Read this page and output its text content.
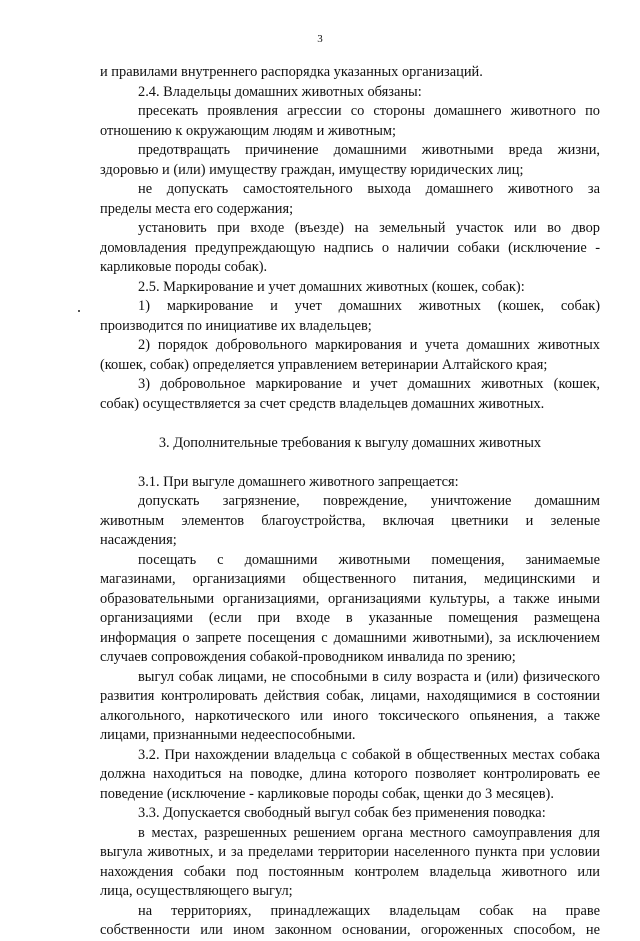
3
и правилами внутреннего распорядка указанных организаций.
2.4. Владельцы домашних животных обязаны:
пресекать проявления агрессии со стороны домашнего животного по
отношению к окружающим людям и животным;
предотвращать причинение домашними животными вреда жизни,
здоровью и (или) имуществу граждан, имуществу юридических лиц;
не допускать самостоятельного выхода домашнего животного за
пределы места его содержания;
установить при входе (въезде) на земельный участок или во двор
домовладения предупреждающую надпись о наличии собаки (исключение -
карликовые породы собак).
2.5. Маркирование и учет домашних животных (кошек, собак):
1) маркирование и учет домашних животных (кошек, собак)
производится по инициативе их владельцев;
2) порядок добровольного маркирования и учета домашних животных
(кошек, собак) определяется управлением ветеринарии Алтайского края;
3) добровольное маркирование и учет домашних животных (кошек,
собак) осуществляется за счет средств владельцев домашних животных.
3. Дополнительные требования к выгулу домашних животных
3.1. При выгуле домашнего животного запрещается:
допускать загрязнение, повреждение, уничтожение домашним
животным элементов благоустройства, включая цветники и зеленые
насаждения;
посещать с домашними животными помещения, занимаемые
магазинами, организациями общественного питания, медицинскими и
образовательными организациями, организациями культуры, а также иными
организациями (если при входе в указанные помещения размещена
информация о запрете посещения с домашними животными), за исключением
случаев сопровождения собакой-проводником инвалида по зрению;
выгул собак лицами, не способными в силу возраста и (или) физического
развития контролировать действия собак, лицами, находящимися в состоянии
алкогольного, наркотического или иного токсического опьянения, а также
лицами, признанными недееспособными.
3.2. При нахождении владельца с собакой в общественных местах собака
должна находиться на поводке, длина которого позволяет контролировать ее
поведение (исключение - карликовые породы собак, щенки до 3 месяцев).
3.3. Допускается свободный выгул собак без применения поводка:
в местах, разрешенных решением органа местного самоуправления для
выгула животных, и за пределами территории населенного пункта при условии
нахождения собаки под постоянным контролем владельца животного или
лица, осуществляющего выгул;
на территориях, принадлежащих владельцам собак на праве
собственности или ином законном основании, огороженных способом, не
